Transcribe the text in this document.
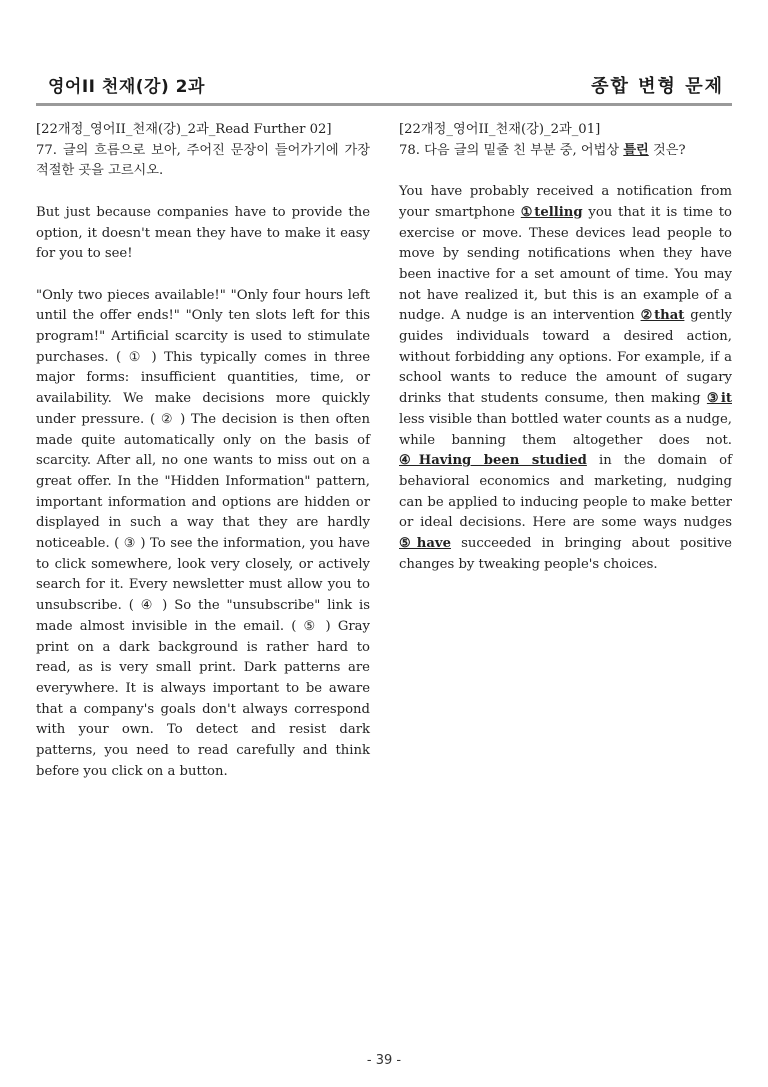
영어II 천재(강) 2과	종합 변형 문제
[22개정_영어II_천재(강)_2과_Read Further 02]
77. 글의 흐름으로 보아, 주어진 문장이 들어가기에 가장 적절한 곳을 고르시오.

But just because companies have to provide the option, it doesn't mean they have to make it easy for you to see!

"Only two pieces available!" "Only four hours left until the offer ends!" "Only ten slots left for this program!" Artificial scarcity is used to stimulate purchases. ( ① ) This typically comes in three major forms: insufficient quantities, time, or availability. We make decisions more quickly under pressure. ( ② ) The decision is then often made quite automatically only on the basis of scarcity. After all, no one wants to miss out on a great offer. In the "Hidden Information" pattern, important information and options are hidden or displayed in such a way that they are hardly noticeable. ( ③ ) To see the information, you have to click somewhere, look very closely, or actively search for it. Every newsletter must allow you to unsubscribe. ( ④ ) So the "unsubscribe" link is made almost invisible in the email. ( ⑤ ) Gray print on a dark background is rather hard to read, as is very small print. Dark patterns are everywhere. It is always important to be aware that a company's goals don't always correspond with your own. To detect and resist dark patterns, you need to read carefully and think before you click on a button.

[22개정_영어II_천재(강)_2과_01]
78. 다음 글의 밑줄 친 부분 중, 어법상 틀린 것은?

You have probably received a notification from your smartphone ①telling you that it is time to exercise or move. These devices lead people to move by sending notifications when they have been inactive for a set amount of time. You may not have realized it, but this is an example of a nudge. A nudge is an intervention ②that gently guides individuals toward a desired action, without forbidding any options. For example, if a school wants to reduce the amount of sugary drinks that students consume, then making ③it less visible than bottled water counts as a nudge, while banning them altogether does not. ④Having been studied in the domain of behavioral economics and marketing, nudging can be applied to inducing people to make better or ideal decisions. Here are some ways nudges ⑤have succeeded in bringing about positive changes by tweaking people's choices.

- 39 -
